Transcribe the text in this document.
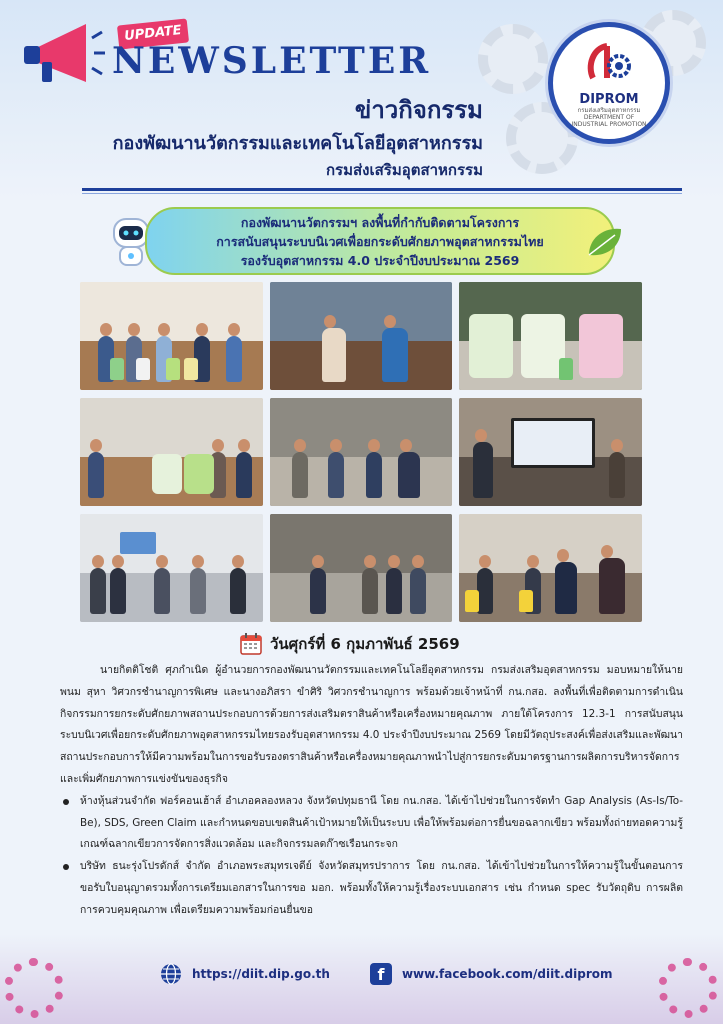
UPDATE
NEWSLETTER
ข่าวกิจกรรม
กองพัฒนานวัตกรรมและเทคโนโลยีอุตสาหกรรม
กรมส่งเสริมอุตสาหกรรม
DIPROM
กรมส่งเสริมอุตสาหกรรม DEPARTMENT OF INDUSTRIAL PROMOTION
กองพัฒนานวัตกรรมฯ ลงพื้นที่กำกับติดตามโครงการ
การสนับสนุนระบบนิเวศเพื่อยกระดับศักยภาพอุตสาหกรรมไทย
รองรับอุตสาหกรรม 4.0 ประจำปีงบประมาณ 2569
วันศุกร์ที่ 6 กุมภาพันธ์ 2569

นายกิตติโชติ ศุภกำเนิด ผู้อำนวยการกองพัฒนานวัตกรรมและเทคโนโลยีอุตสาหกรรม กรมส่งเสริมอุตสาหกรรม มอบหมายให้นายพนม สุหา วิศวกรชำนาญการพิเศษ และนางอภิสรา ขำศิริ วิศวกรชำนาญการ พร้อมด้วยเจ้าหน้าที่ กน.กสอ. ลงพื้นที่เพื่อติดตามการดำเนินกิจกรรมการยกระดับศักยภาพสถานประกอบการด้วยการส่งเสริมตราสินค้าหรือเครื่องหมายคุณภาพ ภายใต้โครงการ 12.3-1 การสนับสนุนระบบนิเวศเพื่อยกระดับศักยภาพอุตสาหกรรมไทยรองรับอุตสาหกรรม 4.0 ประจำปีงบประมาณ 2569 โดยมีวัตถุประสงค์เพื่อส่งเสริมและพัฒนาสถานประกอบการให้มีความพร้อมในการขอรับรองตราสินค้าหรือเครื่องหมายคุณภาพนำไปสู่การยกระดับมาตรฐานการผลิตการบริหารจัดการและเพิ่มศักยภาพการแข่งขันของธุรกิจ

ห้างหุ้นส่วนจำกัด ฟอร์คอนเฮ้าส์ อำเภอคลองหลวง จังหวัดปทุมธานี โดย กน.กสอ. ได้เข้าไปช่วยในการจัดทำ Gap Analysis (As-Is/To-Be), SDS, Green Claim และกำหนดขอบเขตสินค้าเป้าหมายให้เป็นระบบ เพื่อให้พร้อมต่อการยื่นขอฉลากเขียว พร้อมทั้งถ่ายทอดความรู้เกณฑ์ฉลากเขียวการจัดการสิ่งแวดล้อม และกิจกรรมลดก๊าซเรือนกระจก
บริษัท ธนะรุ่งโปรดักส์ จำกัด อำเภอพระสมุทรเจดีย์ จังหวัดสมุทรปราการ โดย กน.กสอ. ได้เข้าไปช่วยในการให้ความรู้ในขั้นตอนการขอรับใบอนุญาตรวมทั้งการเตรียมเอกสารในการขอ มอก. พร้อมทั้งให้ความรู้เรื่องระบบเอกสาร เช่น กำหนด spec รับวัตถุดิบ การผลิต การควบคุมคุณภาพ เพื่อเตรียมความพร้อมก่อนยื่นขอ
https://diit.dip.go.th	f	www.facebook.com/diit.diprom
